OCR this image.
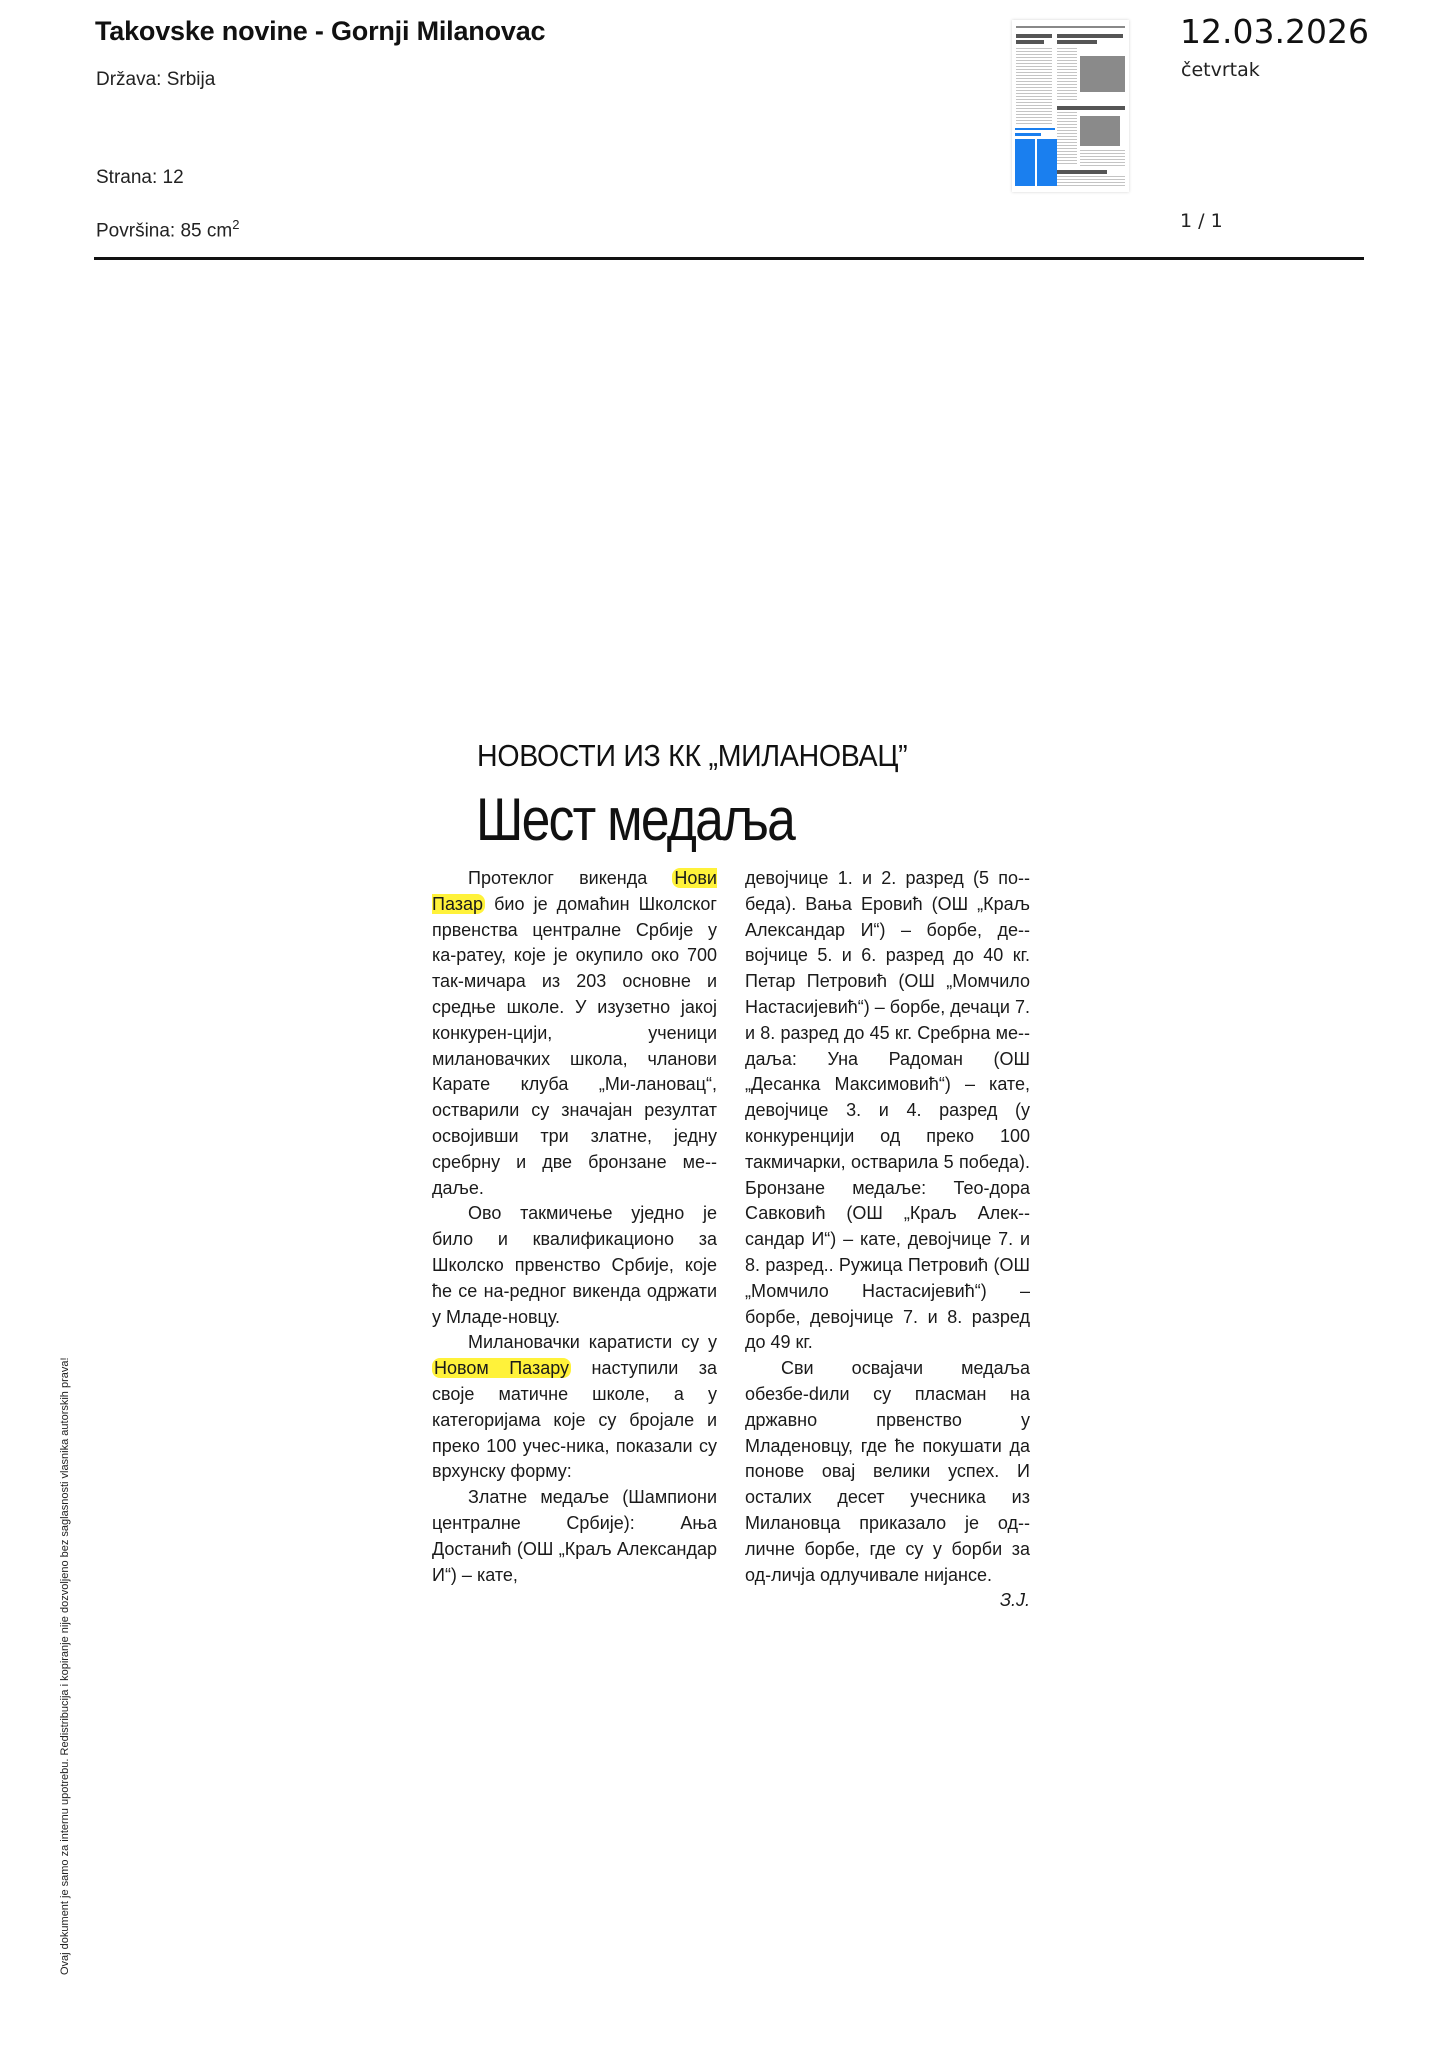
Takovske novine - Gornji Milanovac
Država: Srbija
Strana: 12
Površina: 85 $cm^2$
12.03.2026
četvrtak
1 / 1
Ovaj dokument je samo za internu upotrebu. Redistribucija i kopiranje nije dozvoljeno bez saglasnosti vlasnika autorskih prava!
НОВОСТИ ИЗ КК „МИЛАНОВАЦ”
Шест медаља

Протеклог викенда Нови Пазар био је домаћин Школског првенства централне Србије у ка-ратеу, које је окупило око 700 так-мичара из 203 основне и средње школе. У изузетно јакој конкурен-цији, ученици милановачких школа, чланови Карате клуба „Ми-лановац“, остварили су значајан резултат освојивши три златне, једну сребрну и две бронзане ме-даље.

Ово такмичење уједно је било и квалификационо за Школско првенство Србије, које ће се на-редног викенда одржати у Младе-новцу.

Милановачки каратисти су у Новом Пазару наступили за своје матичне школе, а у категоријама које су бројале и преко 100 учес-ника, показали су врхунску форму:

Златне медаље (Шампиони централне Србије): Ања Достанић (ОШ „Краљ Александар И“) – кате,

девојчице 1. и 2. разред (5 по-беда). Вања Еровић (ОШ „Краљ Александар И“) – борбе, де-војчице 5. и 6. разред до 40 кг. Петар Петровић (ОШ „Момчило Настасијевић“) – борбе, дечаци 7. и 8. разред до 45 кг. Сребрна ме-даља: Уна Радоман (ОШ „Десанка Максимовић“) – кате, девојчице 3. и 4. разред (у конкуренцији од преко 100 такмичарки, остварила 5 победа). Бронзане медаље: Тео-дора Савковић (ОШ „Краљ Алек-сандар И“) – кате, девојчице 7. и 8. разред.. Ружица Петровић (ОШ „Момчило Настасијевић“) – борбе, девојчице 7. и 8. разред до 49 кг.

Сви освајачи медаља обезбе-dили су пласман на државно првенство у Младеновцу, где ће покушати да понове овај велики успех. И осталих десет учесника из Милановца приказало је од-личне борбе, где су у борби за од-личја одлучивале нијансе.
З.Ј.
